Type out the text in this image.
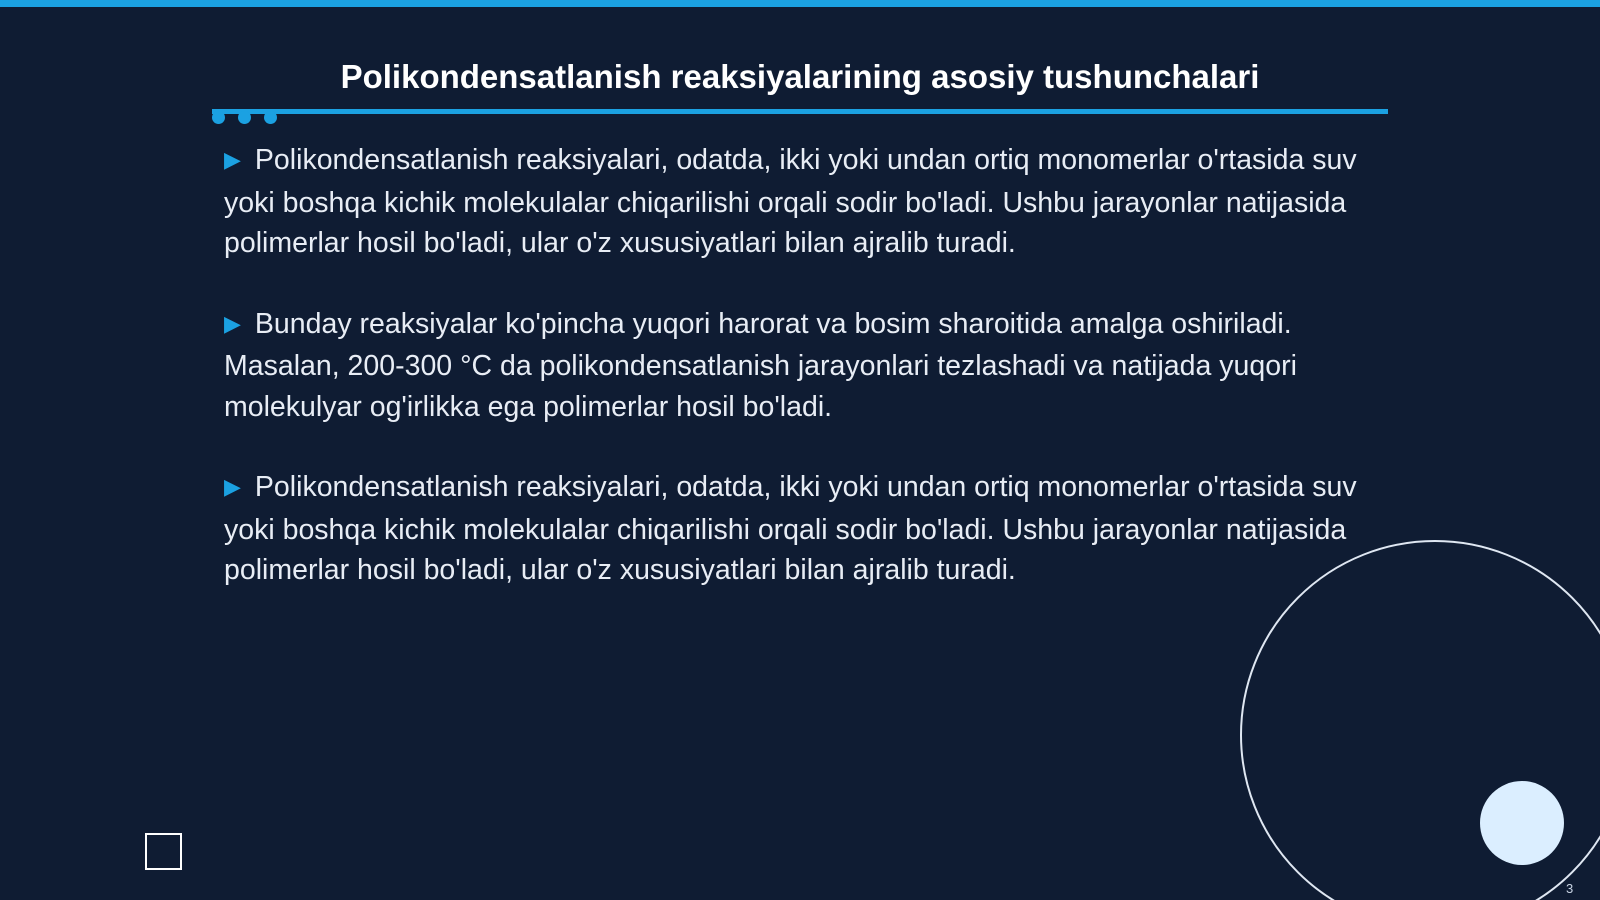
Polikondensatlanish reaksiyalarining asosiy tushunchalari

▶ Polikondensatlanish reaksiyalari, odatda, ikki yoki undan ortiq monomerlar o'rtasida suv yoki boshqa kichik molekulalar chiqarilishi orqali sodir bo'ladi. Ushbu jarayonlar natijasida polimerlar hosil bo'ladi, ular o'z xususiyatlari bilan ajralib turadi.

▶ Bunday reaksiyalar ko'pincha yuqori harorat va bosim sharoitida amalga oshiriladi. Masalan, 200-300 °C da polikondensatlanish jarayonlari tezlashadi va natijada yuqori molekulyar og'irlikka ega polimerlar hosil bo'ladi.

▶ Polikondensatlanish reaksiyalari, odatda, ikki yoki undan ortiq monomerlar o'rtasida suv yoki boshqa kichik molekulalar chiqarilishi orqali sodir bo'ladi. Ushbu jarayonlar natijasida polimerlar hosil bo'ladi, ular o'z xususiyatlari bilan ajralib turadi.

3
